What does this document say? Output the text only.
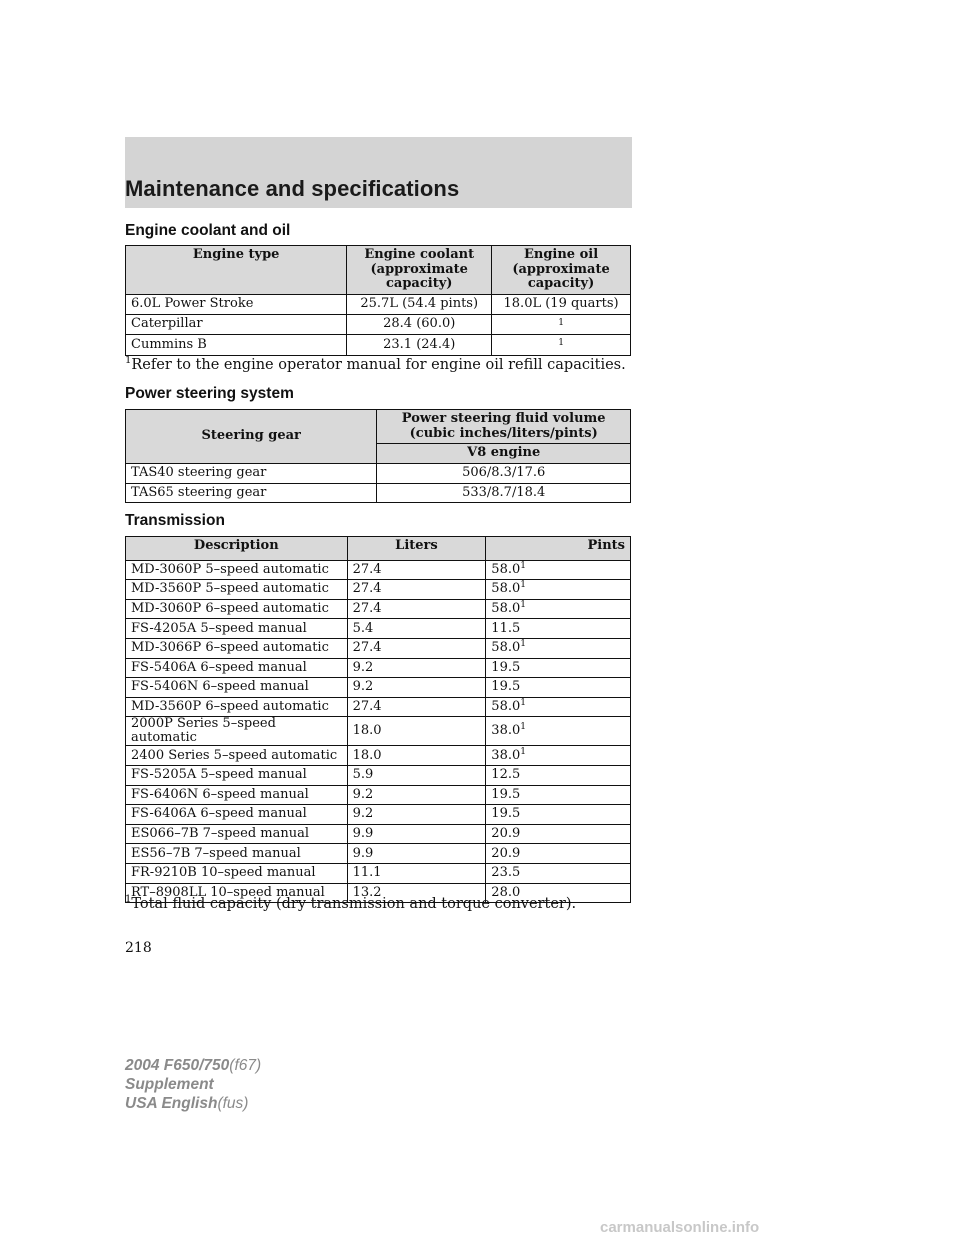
Maintenance and specifications
Engine coolant and oil
Engine type	Engine coolant (approximate capacity)	Engine oil (approximate capacity)
6.0L Power Stroke	25.7L (54.4 pints)	18.0L (19 quarts)
Caterpillar	28.4 (60.0)	1
Cummins B	23.1 (24.4)	1
$^1$Refer to the engine operator manual for engine oil refill capacities.
Power steering system
Steering gear	Power steering fluid volume (cubic inches/liters/pints)
	V8 engine
TAS40 steering gear	506/8.3/17.6
TAS65 steering gear	533/8.7/18.4
Transmission
Description	Liters	Pints
MD-3060P 5–speed automatic	27.4	58.0$^1$
MD-3560P 5–speed automatic	27.4	58.0$^1$
MD-3060P 6–speed automatic	27.4	58.0$^1$
FS-4205A 5–speed manual	5.4	11.5
MD-3066P 6–speed automatic	27.4	58.0$^1$
FS-5406A 6–speed manual	9.2	19.5
FS-5406N 6–speed manual	9.2	19.5
MD-3560P 6–speed automatic	27.4	58.0$^1$
2000P Series 5–speed automatic	18.0	38.0$^1$
2400 Series 5–speed automatic	18.0	38.0$^1$
FS-5205A 5–speed manual	5.9	12.5
FS-6406N 6–speed manual	9.2	19.5
FS-6406A 6–speed manual	9.2	19.5
ES066–7B 7–speed manual	9.9	20.9
ES56–7B 7–speed manual	9.9	20.9
FR-9210B 10–speed manual	11.1	23.5
RT–8908LL 10–speed manual	13.2	28.0
$^1$Total fluid capacity (dry transmission and torque converter).
218
2004 F650/750(f67)
Supplement
USA English(fus)
carmanualsonline.info
